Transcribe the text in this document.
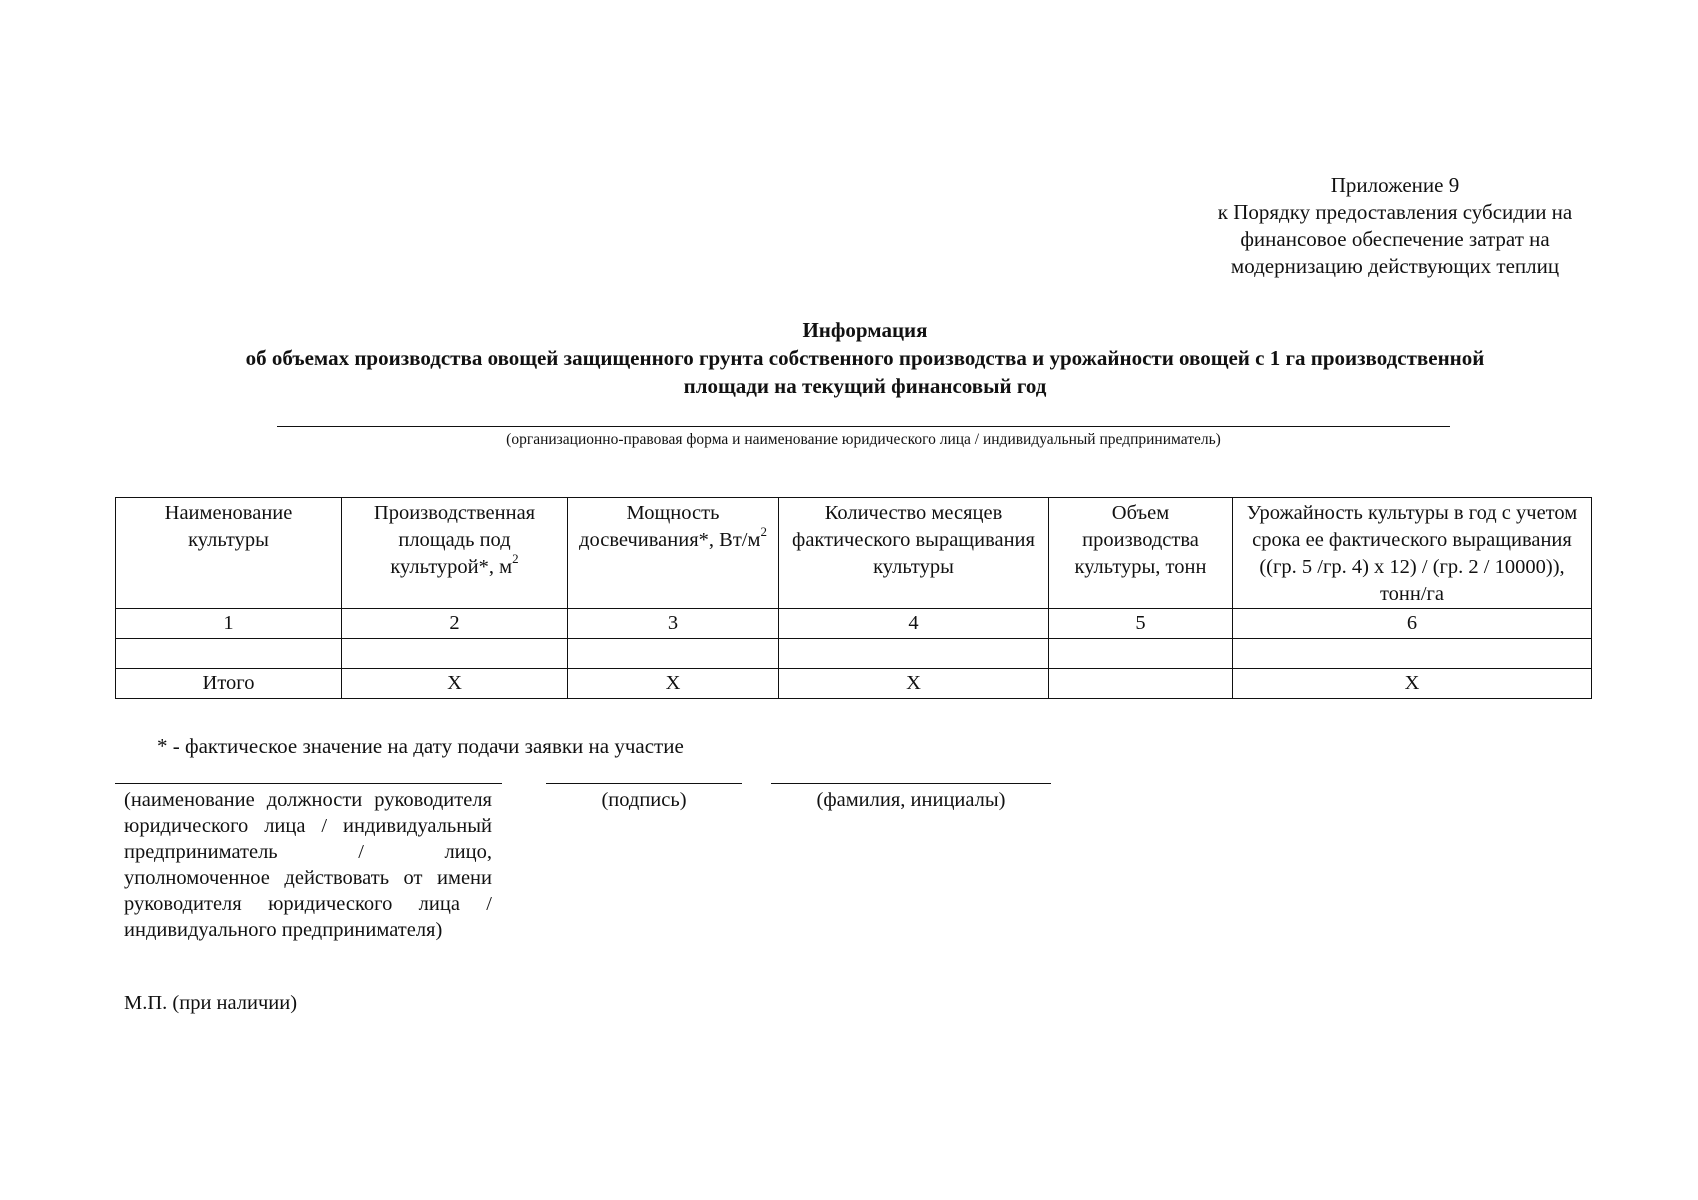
Приложение 9
к Порядку предоставления субсидии на
финансовое обеспечение затрат на
модернизацию действующих теплиц
Информация
об объемах производства овощей защищенного грунта собственного производства и урожайности овощей с 1 га производственной
площади на текущий финансовый год
(организационно-правовая форма и наименование юридического лица / индивидуальный предприниматель)
Наименование культуры	Производственная площадь под культурой*, $м^2$	Мощность досвечивания*, $Вт/м^2$	Количество месяцев фактического выращивания культуры	Объем производства культуры, тонн	Урожайность культуры в год с учетом срока ее фактического выращивания ((гр. 5 /гр. 4) x 12) / (гр. 2 / 10000)), тонн/га
1	2	3	4	5	6

Итого	X	X	X		X
* - фактическое значение на дату подачи заявки на участие
(наименование должности руководителя юридического лица / индивидуальный предприниматель / лицо, уполномоченное действовать от имени руководителя юридического лица / индивидуального предпринимателя)
(подпись)	(фамилия, инициалы)
М.П. (при наличии)
